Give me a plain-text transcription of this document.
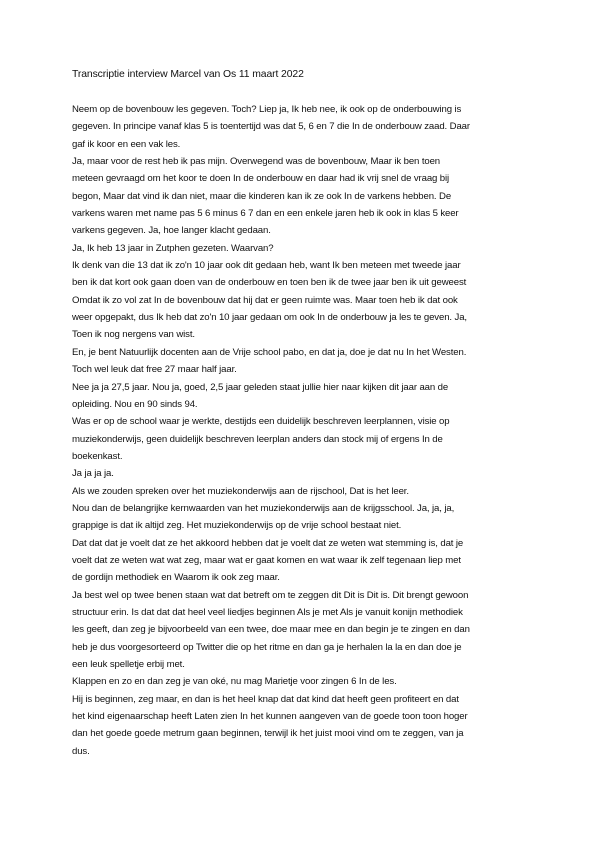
Transcriptie interview Marcel van Os 11 maart 2022
Neem op de bovenbouw les gegeven. Toch? Liep ja, Ik heb nee, ik ook op de onderbouwing is
gegeven. In principe vanaf klas 5 is toentertijd was dat 5, 6 en 7 die In de onderbouw zaad. Daar
gaf ik koor en een vak les.
Ja, maar voor de rest heb ik pas mijn. Overwegend was de bovenbouw, Maar ik ben toen
meteen gevraagd om het koor te doen In de onderbouw en daar had ik vrij snel de vraag bij
begon, Maar dat vind ik dan niet, maar die kinderen kan ik ze ook In de varkens hebben. De
varkens waren met name pas 5 6 minus 6 7 dan en een enkele jaren heb ik ook in klas 5 keer
varkens gegeven. Ja, hoe langer klacht gedaan.
Ja, Ik heb 13 jaar in Zutphen gezeten. Waarvan?
Ik denk van die 13 dat ik zo'n 10 jaar ook dit gedaan heb, want Ik ben meteen met tweede jaar
ben ik dat kort ook gaan doen van de onderbouw en toen ben ik de twee jaar ben ik uit geweest
Omdat ik zo vol zat In de bovenbouw dat hij dat er geen ruimte was. Maar toen heb ik dat ook
weer opgepakt, dus Ik heb dat zo'n 10 jaar gedaan om ook In de onderbouw ja les te geven. Ja,
Toen ik nog nergens van wist.
En, je bent Natuurlijk docenten aan de Vrije school pabo, en dat ja, doe je dat nu In het Westen.
Toch wel leuk dat free 27 maar half jaar.
Nee ja ja 27,5 jaar. Nou ja, goed, 2,5 jaar geleden staat jullie hier naar kijken dit jaar aan de
opleiding. Nou en 90 sinds 94.
Was er op de school waar je werkte, destijds een duidelijk beschreven leerplannen, visie op
muziekonderwijs, geen duidelijk beschreven leerplan anders dan stock mij of ergens In de
boekenkast.
Ja ja ja ja.
Als we zouden spreken over het muziekonderwijs aan de rijschool, Dat is het leer.
Nou dan de belangrijke kernwaarden van het muziekonderwijs aan de krijgsschool. Ja, ja, ja,
grappige is dat ik altijd zeg. Het muziekonderwijs op de vrije school bestaat niet.
Dat dat dat je voelt dat ze het akkoord hebben dat je voelt dat ze weten wat stemming is, dat je
voelt dat ze weten wat wat zeg, maar wat er gaat komen en wat waar ik zelf tegenaan liep met
de gordijn methodiek en Waarom ik ook zeg maar.
Ja best wel op twee benen staan wat dat betreft om te zeggen dit Dit is Dit is. Dit brengt gewoon
structuur erin. Is dat dat dat heel veel liedjes beginnen Als je met Als je vanuit konijn methodiek
les geeft, dan zeg je bijvoorbeeld van een twee, doe maar mee en dan begin je te zingen en dan
heb je dus voorgesorteerd op Twitter die op het ritme en dan ga je herhalen la la en dan doe je
een leuk spelletje erbij met.
Klappen en zo en dan zeg je van oké, nu mag Marietje voor zingen 6 In de les.
Hij is beginnen, zeg maar, en dan is het heel knap dat dat kind dat heeft geen profiteert en dat
het kind eigenaarschap heeft Laten zien In het kunnen aangeven van de goede toon toon hoger
dan het goede goede metrum gaan beginnen, terwijl ik het juist mooi vind om te zeggen, van ja
dus.
